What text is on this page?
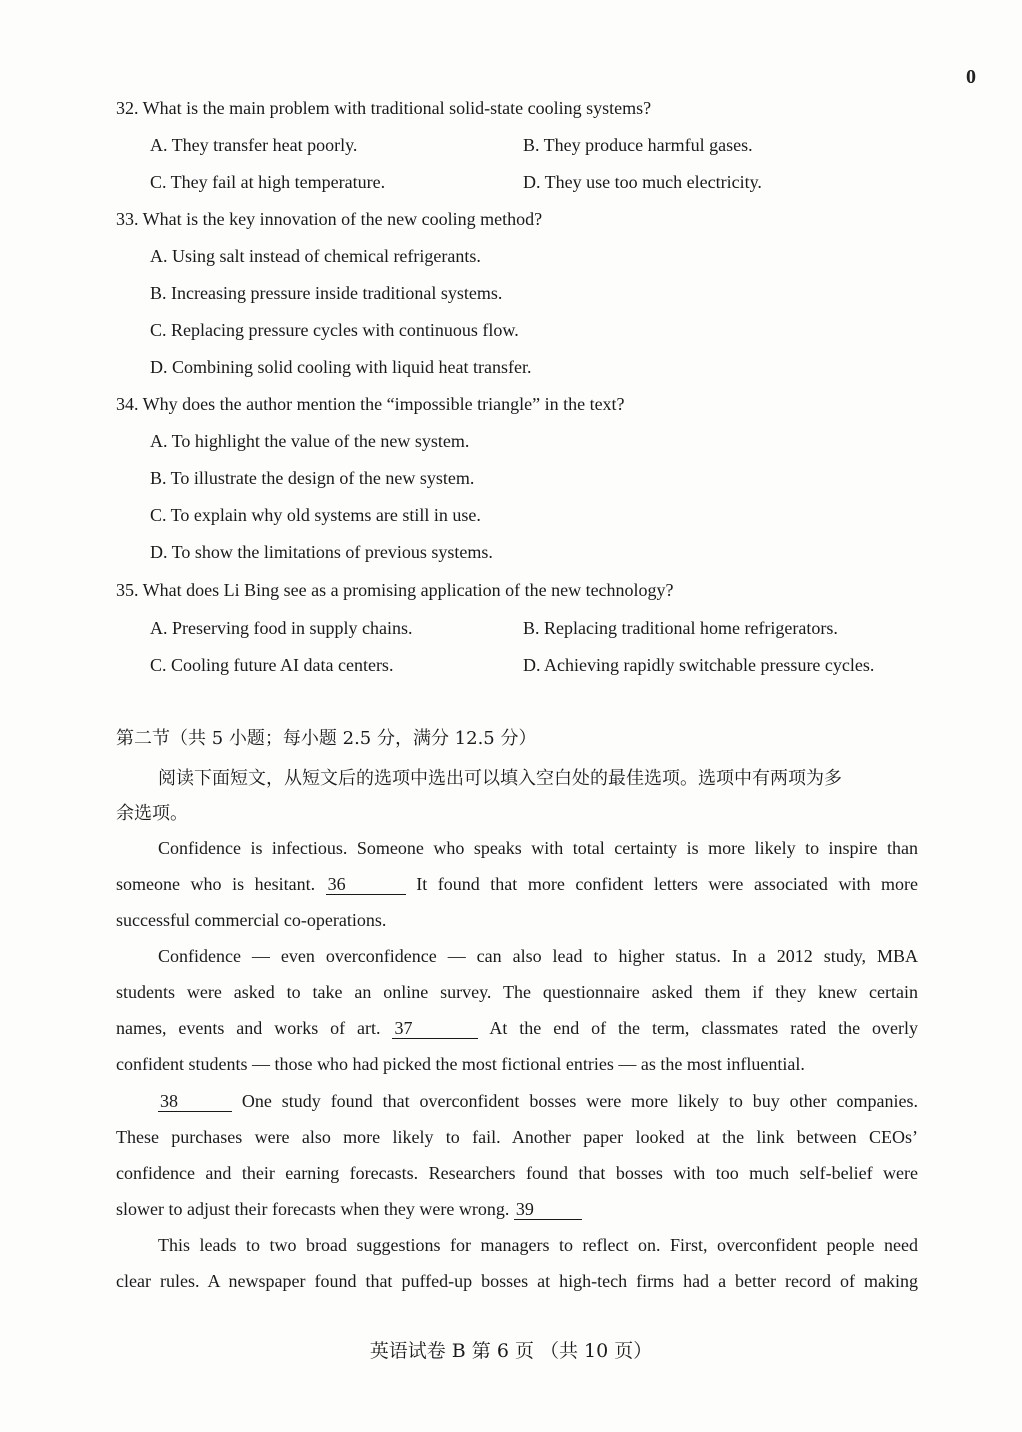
0
32. What is the main problem with traditional solid-state cooling systems?
A. They transfer heat poorly.	B. They produce harmful gases.
C. They fail at high temperature.	D. They use too much electricity.
33. What is the key innovation of the new cooling method?
A. Using salt instead of chemical refrigerants.
B. Increasing pressure inside traditional systems.
C. Replacing pressure cycles with continuous flow.
D. Combining solid cooling with liquid heat transfer.
34. Why does the author mention the “impossible triangle” in the text?
A. To highlight the value of the new system.
B. To illustrate the design of the new system.
C. To explain why old systems are still in use.
D. To show the limitations of previous systems.
35. What does Li Bing see as a promising application of the new technology?
A. Preserving food in supply chains.	B. Replacing traditional home refrigerators.
C. Cooling future AI data centers.	D. Achieving rapidly switchable pressure cycles.
第二节（共 5 小题；每小题 2.5 分，满分 12.5 分）
阅读下面短文，从短文后的选项中选出可以填入空白处的最佳选项。选项中有两项为多
余选项。
Confidence is infectious. Someone who speaks with total certainty is more likely to inspire than
someone who is hesitant. 36	It found that more confident letters were associated with more
successful commercial co-operations.
Confidence — even overconfidence — can also lead to higher status. In a 2012 study, MBA
students were asked to take an online survey. The questionnaire asked them if they knew certain
names, events and works of art. 37	At the end of the term, classmates rated the overly
confident students — those who had picked the most fictional entries — as the most influential.
38	One study found that overconfident bosses were more likely to buy other companies.
These purchases were also more likely to fail. Another paper looked at the link between CEOs’
confidence and their earning forecasts. Researchers found that bosses with too much self-belief were
slower to adjust their forecasts when they were wrong. 39
This leads to two broad suggestions for managers to reflect on. First, overconfident people need
clear rules. A newspaper found that puffed-up bosses at high-tech firms had a better record of making
英语试卷 B 第 6 页 （共 10 页）
